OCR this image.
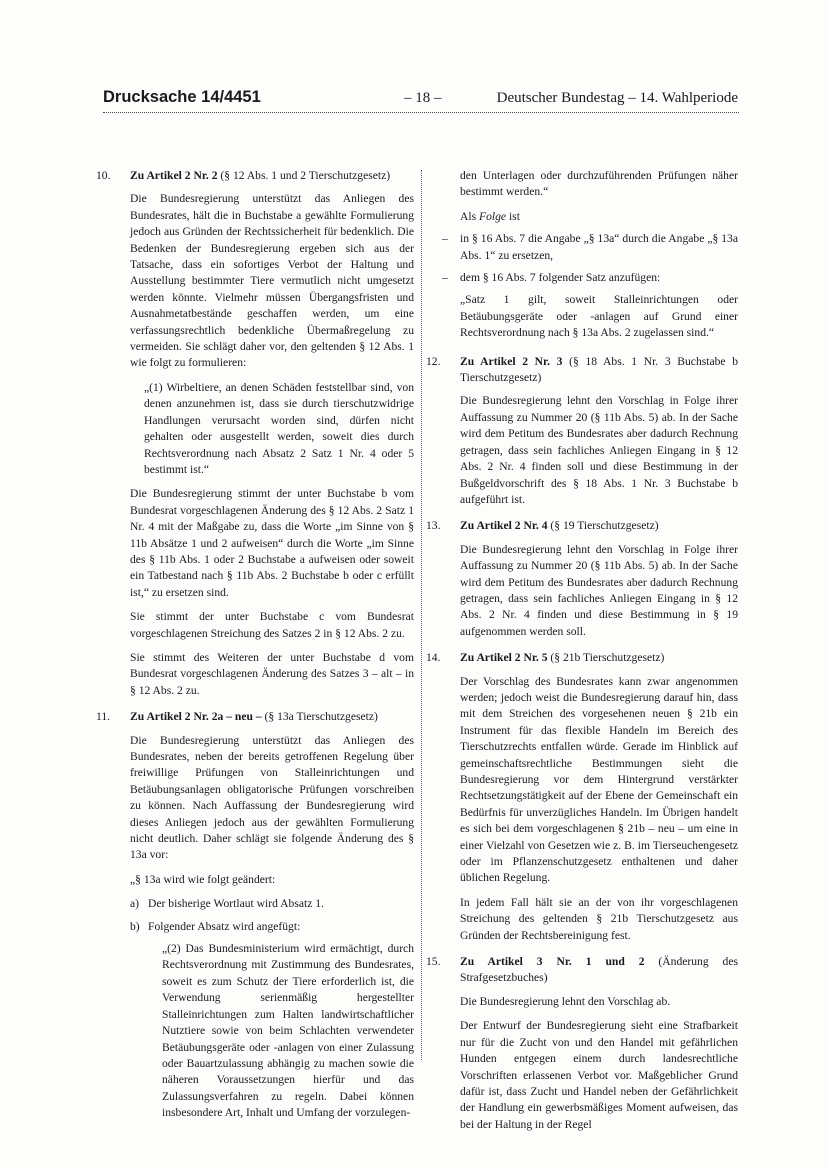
Drucksache 14/4451	– 18 –	Deutscher Bundestag – 14. Wahlperiode
10.	Zu Artikel 2 Nr. 2 (§ 12 Abs. 1 und 2 Tierschutzgesetz)

Die Bundesregierung unterstützt das Anliegen des Bundesrates, hält die in Buchstabe a gewählte Formulierung jedoch aus Gründen der Rechtssicherheit für bedenklich. Die Bedenken der Bundesregierung ergeben sich aus der Tatsache, dass ein sofortiges Verbot der Haltung und Ausstellung bestimmter Tiere vermutlich nicht umgesetzt werden könnte. Vielmehr müssen Übergangsfristen und Ausnahmetatbestände geschaffen werden, um eine verfassungsrechtlich bedenkliche Übermaßregelung zu vermeiden. Sie schlägt daher vor, den geltenden § 12 Abs. 1 wie folgt zu formulieren:

„(1) Wirbeltiere, an denen Schäden feststellbar sind, von denen anzunehmen ist, dass sie durch tierschutzwidrige Handlungen verursacht worden sind, dürfen nicht gehalten oder ausgestellt werden, soweit dies durch Rechtsverordnung nach Absatz 2 Satz 1 Nr. 4 oder 5 bestimmt ist.“

Die Bundesregierung stimmt der unter Buchstabe b vom Bundesrat vorgeschlagenen Änderung des § 12 Abs. 2 Satz 1 Nr. 4 mit der Maßgabe zu, dass die Worte „im Sinne von § 11b Absätze 1 und 2 aufweisen“ durch die Worte „im Sinne des § 11b Abs. 1 oder 2 Buchstabe a aufweisen oder soweit ein Tatbestand nach § 11b Abs. 2 Buchstabe b oder c erfüllt ist,“ zu ersetzen sind.

Sie stimmt der unter Buchstabe c vom Bundesrat vorgeschlagenen Streichung des Satzes 2 in § 12 Abs. 2 zu.

Sie stimmt des Weiteren der unter Buchstabe d vom Bundesrat vorgeschlagenen Änderung des Satzes 3 – alt – in § 12 Abs. 2 zu.

11.	Zu Artikel 2 Nr. 2a – neu – (§ 13a Tierschutzgesetz)

Die Bundesregierung unterstützt das Anliegen des Bundesrates, neben der bereits getroffenen Regelung über freiwillige Prüfungen von Stalleinrichtungen und Betäubungsanlagen obligatorische Prüfungen vorschreiben zu können. Nach Auffassung der Bundesregierung wird dieses Anliegen jedoch aus der gewählten Formulierung nicht deutlich. Daher schlägt sie folgende Änderung des § 13a vor:

„§ 13a wird wie folgt geändert:

a) Der bisherige Wortlaut wird Absatz 1.
b) Folgender Absatz wird angefügt:

„(2) Das Bundesministerium wird ermächtigt, durch Rechtsverordnung mit Zustimmung des Bundesrates, soweit es zum Schutz der Tiere erforderlich ist, die Verwendung serienmäßig hergestellter Stalleinrichtungen zum Halten landwirtschaftlicher Nutztiere sowie von beim Schlachten verwendeter Betäubungsgeräte oder -anlagen von einer Zulassung oder Bauartzulassung abhängig zu machen sowie die näheren Voraussetzungen hierfür und das Zulassungsverfahren zu regeln. Dabei können insbesondere Art, Inhalt und Umfang der vorzulegen-

den Unterlagen oder durchzuführenden Prüfungen näher bestimmt werden.“

Als Folge ist

– in § 16 Abs. 7 die Angabe „§ 13a“ durch die Angabe „§ 13a Abs. 1“ zu ersetzen,
– dem § 16 Abs. 7 folgender Satz anzufügen:

„Satz 1 gilt, soweit Stalleinrichtungen oder Betäubungsgeräte oder -anlagen auf Grund einer Rechtsverordnung nach § 13a Abs. 2 zugelassen sind.“

12.	Zu Artikel 2 Nr. 3 (§ 18 Abs. 1 Nr. 3 Buchstabe b Tierschutzgesetz)

Die Bundesregierung lehnt den Vorschlag in Folge ihrer Auffassung zu Nummer 20 (§ 11b Abs. 5) ab. In der Sache wird dem Petitum des Bundesrates aber dadurch Rechnung getragen, dass sein fachliches Anliegen Eingang in § 12 Abs. 2 Nr. 4 finden soll und diese Bestimmung in der Bußgeldvorschrift des § 18 Abs. 1 Nr. 3 Buchstabe b aufgeführt ist.

13.	Zu Artikel 2 Nr. 4 (§ 19 Tierschutzgesetz)

Die Bundesregierung lehnt den Vorschlag in Folge ihrer Auffassung zu Nummer 20 (§ 11b Abs. 5) ab. In der Sache wird dem Petitum des Bundesrates aber dadurch Rechnung getragen, dass sein fachliches Anliegen Eingang in § 12 Abs. 2 Nr. 4 finden und diese Bestimmung in § 19 aufgenommen werden soll.

14.	Zu Artikel 2 Nr. 5 (§ 21b Tierschutzgesetz)

Der Vorschlag des Bundesrates kann zwar angenommen werden; jedoch weist die Bundesregierung darauf hin, dass mit dem Streichen des vorgesehenen neuen § 21b ein Instrument für das flexible Handeln im Bereich des Tierschutzrechts entfallen würde. Gerade im Hinblick auf gemeinschaftsrechtliche Bestimmungen sieht die Bundesregierung vor dem Hintergrund verstärkter Rechtsetzungstätigkeit auf der Ebene der Gemeinschaft ein Bedürfnis für unverzügliches Handeln. Im Übrigen handelt es sich bei dem vorgeschlagenen § 21b – neu – um eine in einer Vielzahl von Gesetzen wie z. B. im Tierseuchengesetz oder im Pflanzenschutzgesetz enthaltenen und daher üblichen Regelung.

In jedem Fall hält sie an der von ihr vorgeschlagenen Streichung des geltenden § 21b Tierschutzgesetz aus Gründen der Rechtsbereinigung fest.

15.	Zu Artikel 3 Nr. 1 und 2 (Änderung des Strafgesetzbuches)

Die Bundesregierung lehnt den Vorschlag ab.

Der Entwurf der Bundesregierung sieht eine Strafbarkeit nur für die Zucht von und den Handel mit gefährlichen Hunden entgegen einem durch landesrechtliche Vorschriften erlassenen Verbot vor. Maßgeblicher Grund dafür ist, dass Zucht und Handel neben der Gefährlichkeit der Handlung ein gewerbsmäßiges Moment aufweisen, das bei der Haltung in der Regel
